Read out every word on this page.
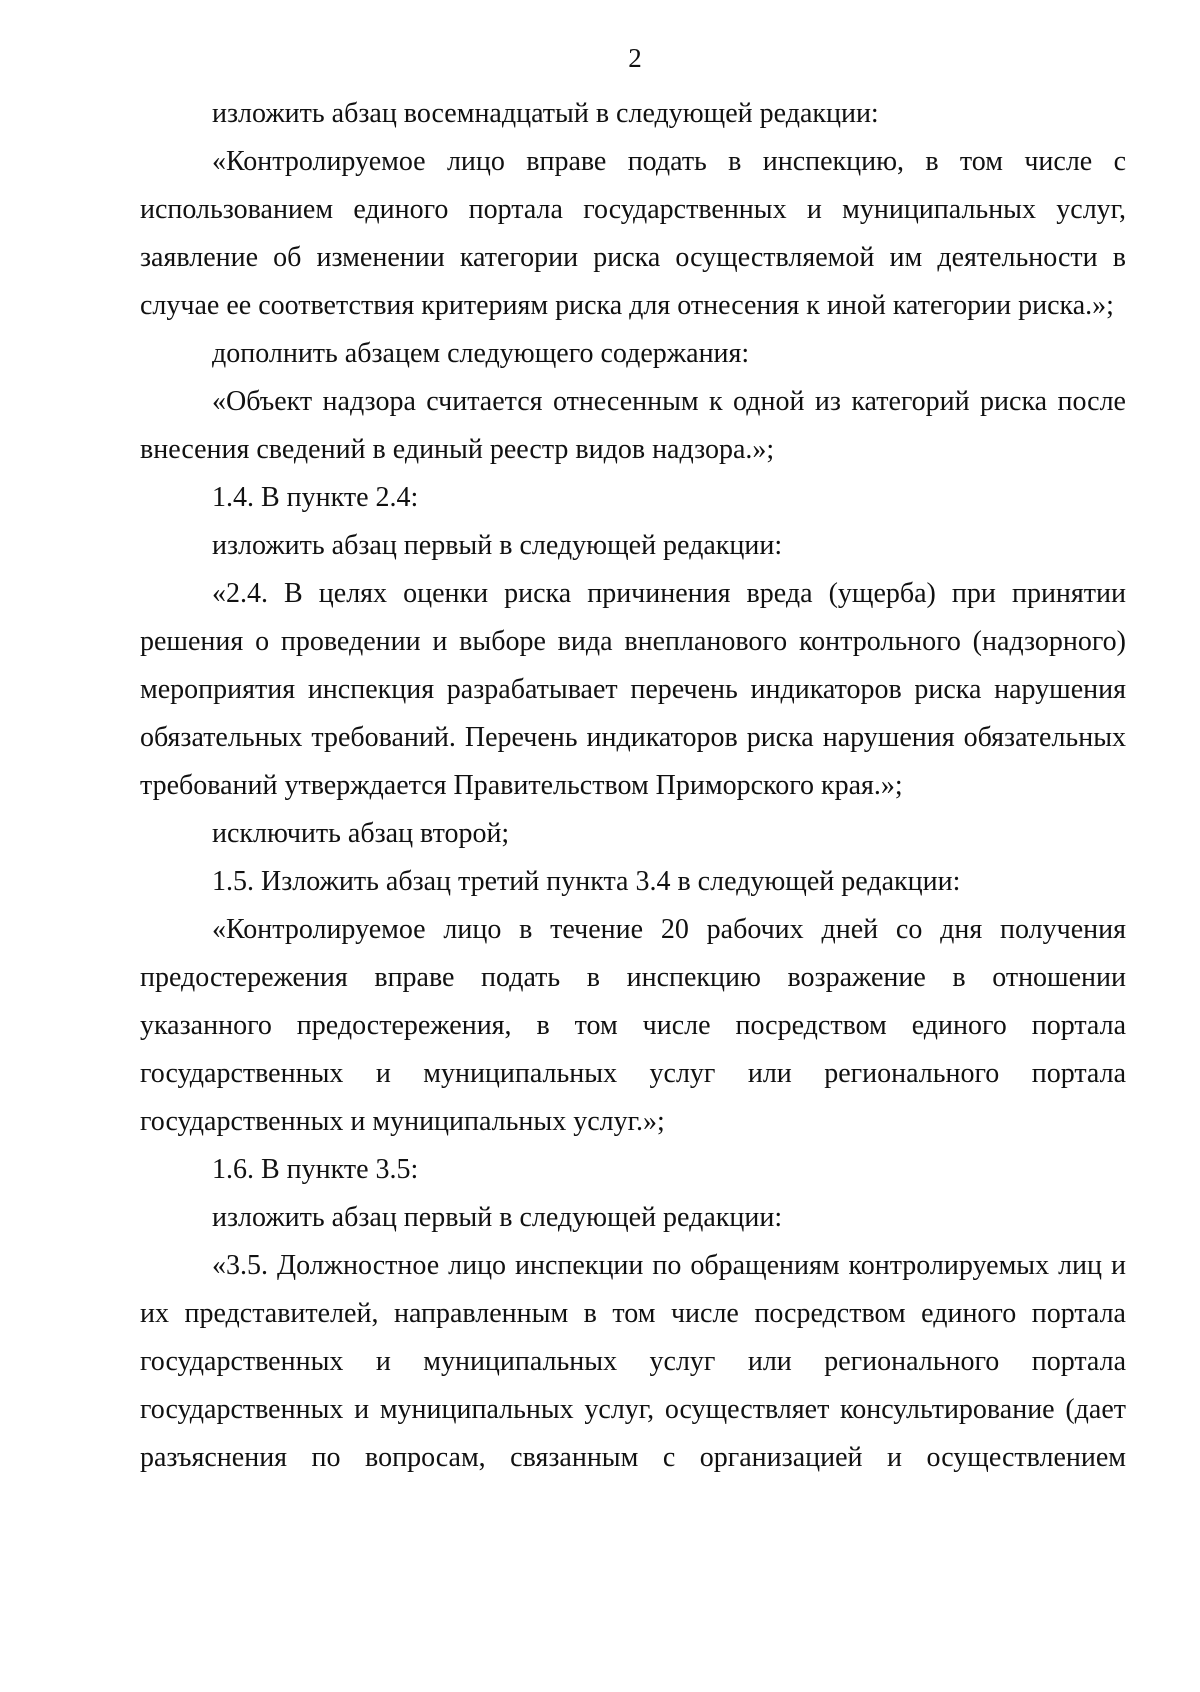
2

изложить абзац восемнадцатый в следующей редакции:

«Контролируемое лицо вправе подать в инспекцию, в том числе с использованием единого портала государственных и муниципальных услуг, заявление об изменении категории риска осуществляемой им деятельности в случае ее соответствия критериям риска для отнесения к иной категории риска.»;

дополнить абзацем следующего содержания:

«Объект надзора считается отнесенным к одной из категорий риска после внесения сведений в единый реестр видов надзора.»;

1.4. В пункте 2.4:

изложить абзац первый в следующей редакции:

«2.4. В целях оценки риска причинения вреда (ущерба) при принятии решения о проведении и выборе вида внепланового контрольного (надзорного) мероприятия инспекция разрабатывает перечень индикаторов риска нарушения обязательных требований. Перечень индикаторов риска нарушения обязательных требований утверждается Правительством Приморского края.»;

исключить абзац второй;

1.5. Изложить абзац третий пункта 3.4 в следующей редакции:

«Контролируемое лицо в течение 20 рабочих дней со дня получения предостережения вправе подать в инспекцию возражение в отношении указанного предостережения, в том числе посредством единого портала государственных и муниципальных услуг или регионального портала государственных и муниципальных услуг.»;

1.6. В пункте 3.5:

изложить абзац первый в следующей редакции:

«3.5. Должностное лицо инспекции по обращениям контролируемых лиц и их представителей, направленным в том числе посредством единого портала государственных и муниципальных услуг или регионального портала государственных и муниципальных услуг, осуществляет консультирование (дает разъяснения по вопросам, связанным с организацией и осуществлением
